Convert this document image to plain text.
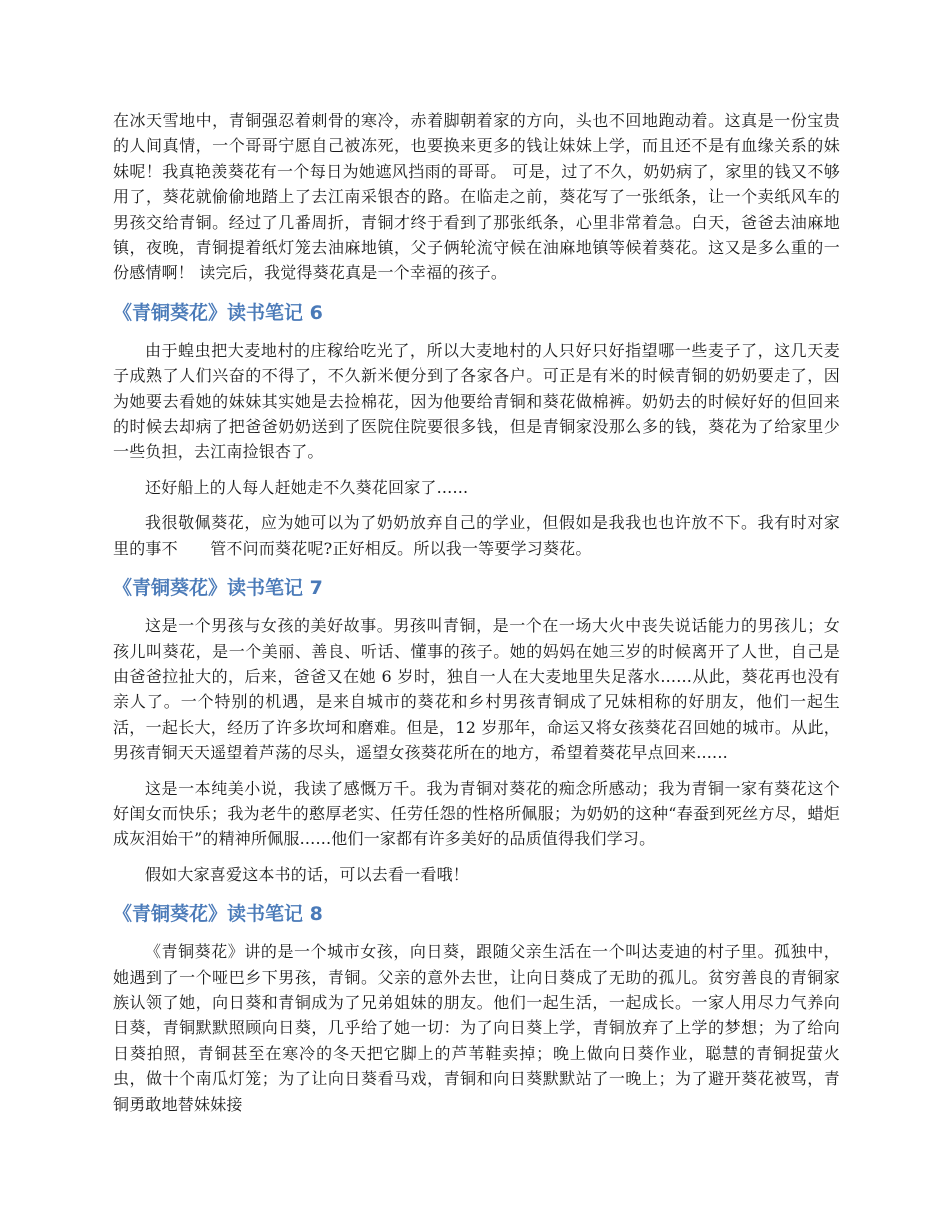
在冰天雪地中，青铜强忍着刺骨的寒冷，赤着脚朝着家的方向，头也不回地跑动着。这真是一份宝贵的人间真情，一个哥哥宁愿自己被冻死，也要换来更多的钱让妹妹上学，而且还不是有血缘关系的妹妹呢！我真艳羡葵花有一个每日为她遮风挡雨的哥哥。 可是，过了不久，奶奶病了，家里的钱又不够用了，葵花就偷偷地踏上了去江南采银杏的路。在临走之前，葵花写了一张纸条，让一个卖纸风车的男孩交给青铜。经过了几番周折，青铜才终于看到了那张纸条，心里非常着急。白天，爸爸去油麻地镇，夜晚，青铜提着纸灯笼去油麻地镇，父子俩轮流守候在油麻地镇等候着葵花。这又是多么重的一份感情啊！ 读完后，我觉得葵花真是一个幸福的孩子。

《青铜葵花》读书笔记 6

由于蝗虫把大麦地村的庄稼给吃光了，所以大麦地村的人只好只好指望哪一些麦子了，这几天麦子成熟了人们兴奋的不得了，不久新米便分到了各家各户。可正是有米的时候青铜的奶奶要走了，因为她要去看她的妹妹其实她是去捡棉花，因为他要给青铜和葵花做棉裤。奶奶去的时候好好的但回来的时候去却病了把爸爸奶奶送到了医院住院要很多钱，但是青铜家没那么多的钱，葵花为了给家里少一些负担，去江南捡银杏了。

还好船上的人每人赶她走不久葵花回家了......

我很敬佩葵花，应为她可以为了奶奶放弃自己的学业，但假如是我我也也许放不下。我有时对家里的事不　　管不问而葵花呢?正好相反。所以我一等要学习葵花。

《青铜葵花》读书笔记 7

这是一个男孩与女孩的美好故事。男孩叫青铜，是一个在一场大火中丧失说话能力的男孩儿；女孩儿叫葵花，是一个美丽、善良、听话、懂事的孩子。她的妈妈在她三岁的时候离开了人世，自己是由爸爸拉扯大的，后来，爸爸又在她 6 岁时，独自一人在大麦地里失足落水......从此，葵花再也没有亲人了。一个特别的机遇，是来自城市的葵花和乡村男孩青铜成了兄妹相称的好朋友，他们一起生活，一起长大，经历了许多坎坷和磨难。但是，12 岁那年，命运又将女孩葵花召回她的城市。从此，男孩青铜天天遥望着芦荡的尽头，遥望女孩葵花所在的地方，希望着葵花早点回来......

这是一本纯美小说，我读了感慨万千。我为青铜对葵花的痴念所感动；我为青铜一家有葵花这个好闺女而快乐；我为老牛的憨厚老实、任劳任怨的性格所佩服；为奶奶的这种“春蚕到死丝方尽，蜡炬成灰泪始干”的精神所佩服......他们一家都有许多美好的品质值得我们学习。

假如大家喜爱这本书的话，可以去看一看哦！

《青铜葵花》读书笔记 8

《青铜葵花》讲的是一个城市女孩，向日葵，跟随父亲生活在一个叫达麦迪的村子里。孤独中，她遇到了一个哑巴乡下男孩，青铜。父亲的意外去世，让向日葵成了无助的孤儿。贫穷善良的青铜家族认领了她，向日葵和青铜成为了兄弟姐妹的朋友。他们一起生活，一起成长。一家人用尽力气养向日葵，青铜默默照顾向日葵，几乎给了她一切：为了向日葵上学，青铜放弃了上学的梦想；为了给向日葵拍照，青铜甚至在寒冷的冬天把它脚上的芦苇鞋卖掉；晚上做向日葵作业，聪慧的青铜捉萤火虫，做十个南瓜灯笼；为了让向日葵看马戏，青铜和向日葵默默站了一晚上；为了避开葵花被骂，青铜勇敢地替妹妹接
